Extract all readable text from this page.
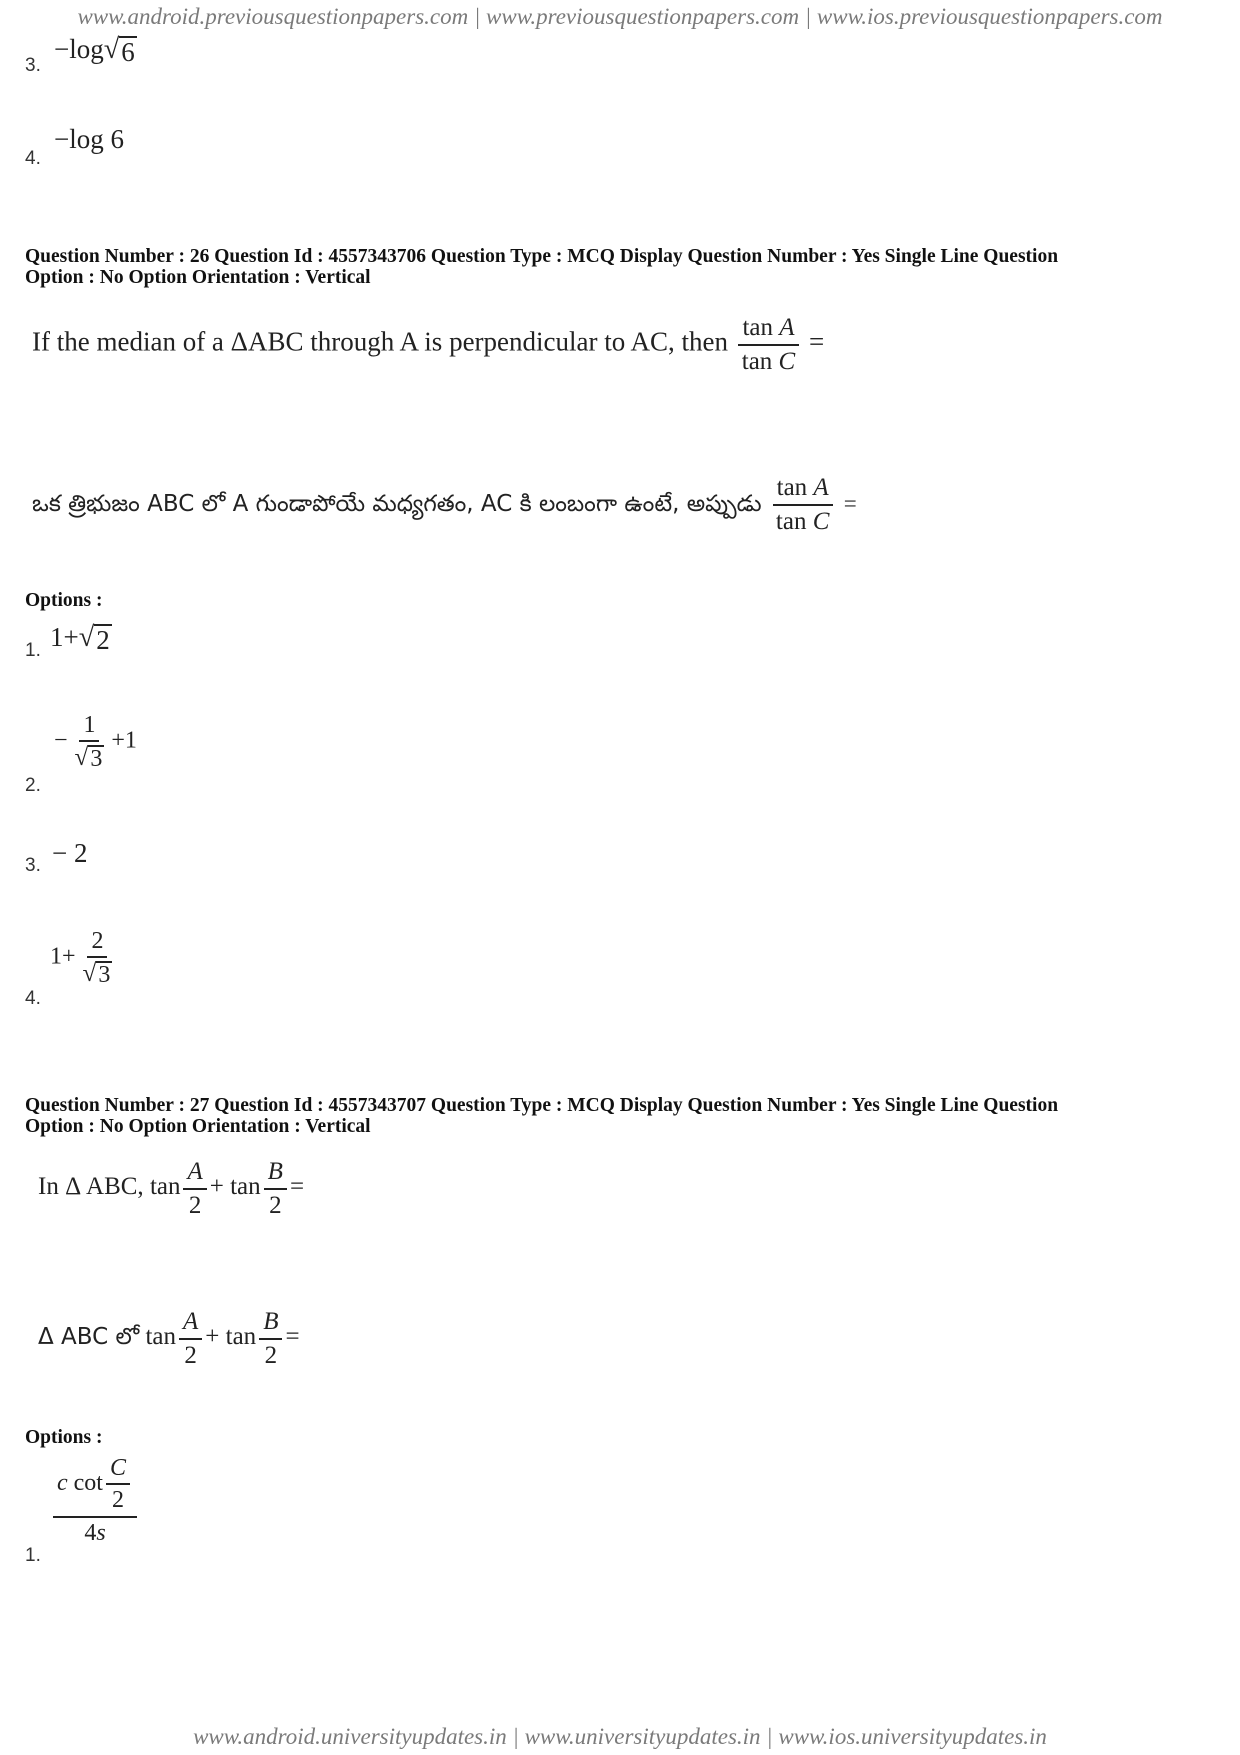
www.android.previousquestionpapers.com | www.previousquestionpapers.com | www.ios.previousquestionpapers.com
3.
−log √ 6
4.
−log 6
Question Number : 26 Question Id : 4557343706 Question Type : MCQ Display Question Number : Yes Single Line Question
Option : No Option Orientation : Vertical
If the median of a ΔABC through A is perpendicular to AC, then $\frac{\text{tan A}}{\text{tan C}}$ =
ఒక త్రిభుజం ABC లో A గుండాపోయే మధ్యగతం, AC కి లంబంగా ఉంటే, అప్పుడు $\frac{\text{tan A}}{\text{tan C}}$ =
Options :
1. 1+ √ 2
2.
− $\frac{1}{√ 3} +1$
3. − 2
4.
$1+ \frac{2}{√ 3}$
Question Number : 27 Question Id : 4557343707 Question Type : MCQ Display Question Number : Yes Single Line Question
Option : No Option Orientation : Vertical
In Δ ABC, $\tan \frac{A}{2} + \tan \frac{B}{2}$ =
Δ ABC లో $\tan \frac{A}{2} + \tan \frac{B}{2}$ =
Options :
1.
$\frac{c \cot \frac{C}{2}}{4s}$
www.android.universityupdates.in | www.universityupdates.in | www.ios.universityupdates.in
